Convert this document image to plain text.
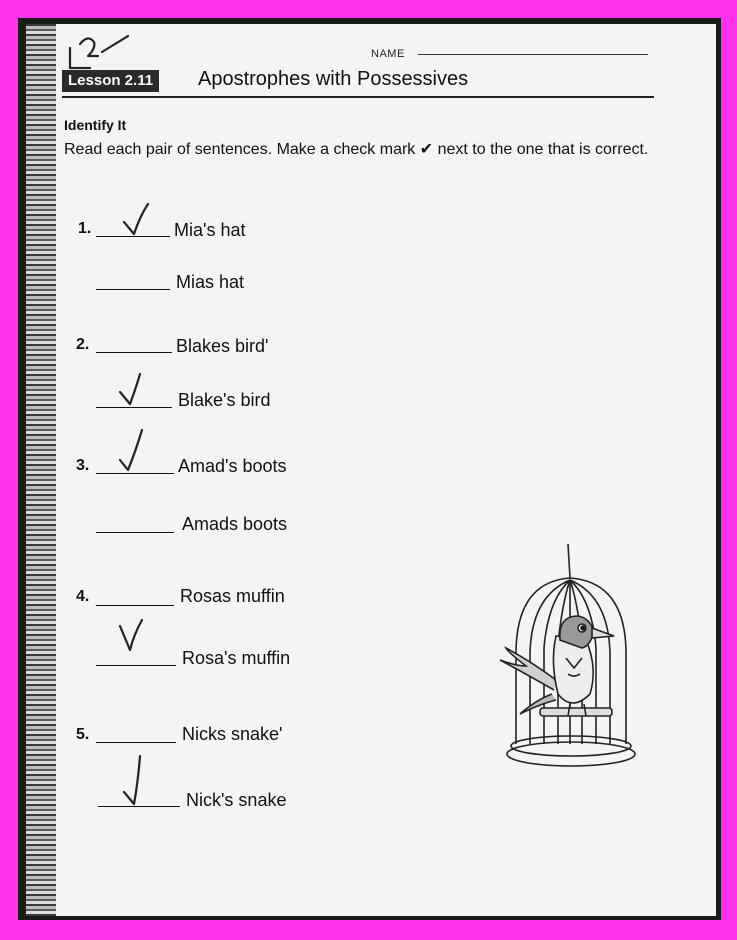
NAME
Lesson 2.11	Apostrophes with Possessives
Identify It
Read each pair of sentences. Make a check mark ✔ next to the one that is correct.
1.	Mia's hat
Mias hat
2.	Blakes bird'
Blake's bird
3.	Amad's boots
Amads boots
4.	Rosas muffin
Rosa's muffin
5.	Nicks snake'
Nick's snake
